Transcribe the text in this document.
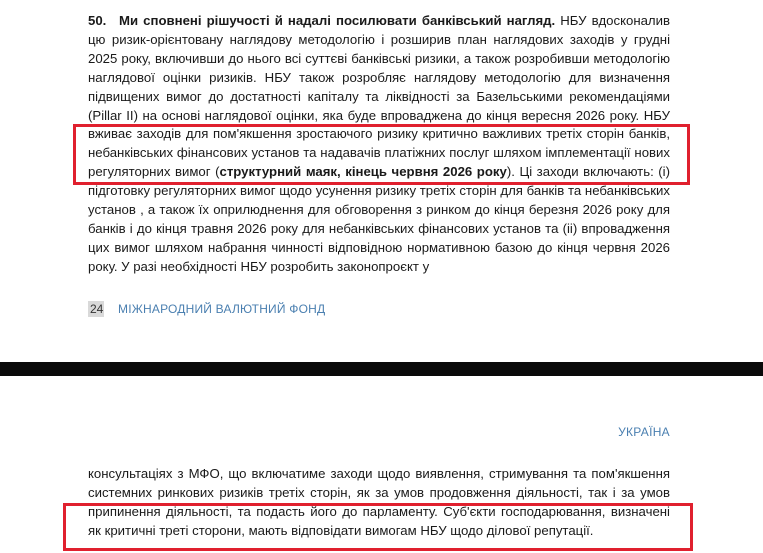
50. Ми сповнені рішучості й надалі посилювати банківський нагляд. НБУ вдосконалив цю ризик-орієнтовану наглядову методологію і розширив план наглядових заходів у грудні 2025 року, включивши до нього всі суттєві банківські ризики, а також розробивши методологію наглядової оцінки ризиків. НБУ також розробляє наглядову методологію для визначення підвищених вимог до достатності капіталу та ліквідності за Базельськими рекомендаціями (Pillar II) на основі наглядової оцінки, яка буде впроваджена до кінця вересня 2026 року. НБУ вживає заходів для пом'якшення зростаючого ризику критично важливих третіх сторін банків, небанківських фінансових установ та надавачів платіжних послуг шляхом імплементації нових регуляторних вимог (структурний маяк, кінець червня 2026 року). Ці заходи включають: (і) підготовку регуляторних вимог щодо усунення ризику третіх сторін для банків та небанківських установ , а також їх оприлюднення для обговорення з ринком до кінця березня 2026 року для банків і до кінця травня 2026 року для небанківських фінансових установ та (іі) впровадження цих вимог шляхом набрання чинності відповідною нормативною базою до кінця червня 2026 року. У разі необхідності НБУ розробить законопроєкт у

24 МІЖНАРОДНИЙ ВАЛЮТНИЙ ФОНД
УКРАЇНА

консультаціях з МФО, що включатиме заходи щодо виявлення, стримування та пом'якшення системних ринкових ризиків третіх сторін, як за умов продовження діяльності, так і за умов припинення діяльності, та подасть його до парламенту. Суб'єкти господарювання, визначені як критичні треті сторони, мають відповідати вимогам НБУ щодо ділової репутації.
